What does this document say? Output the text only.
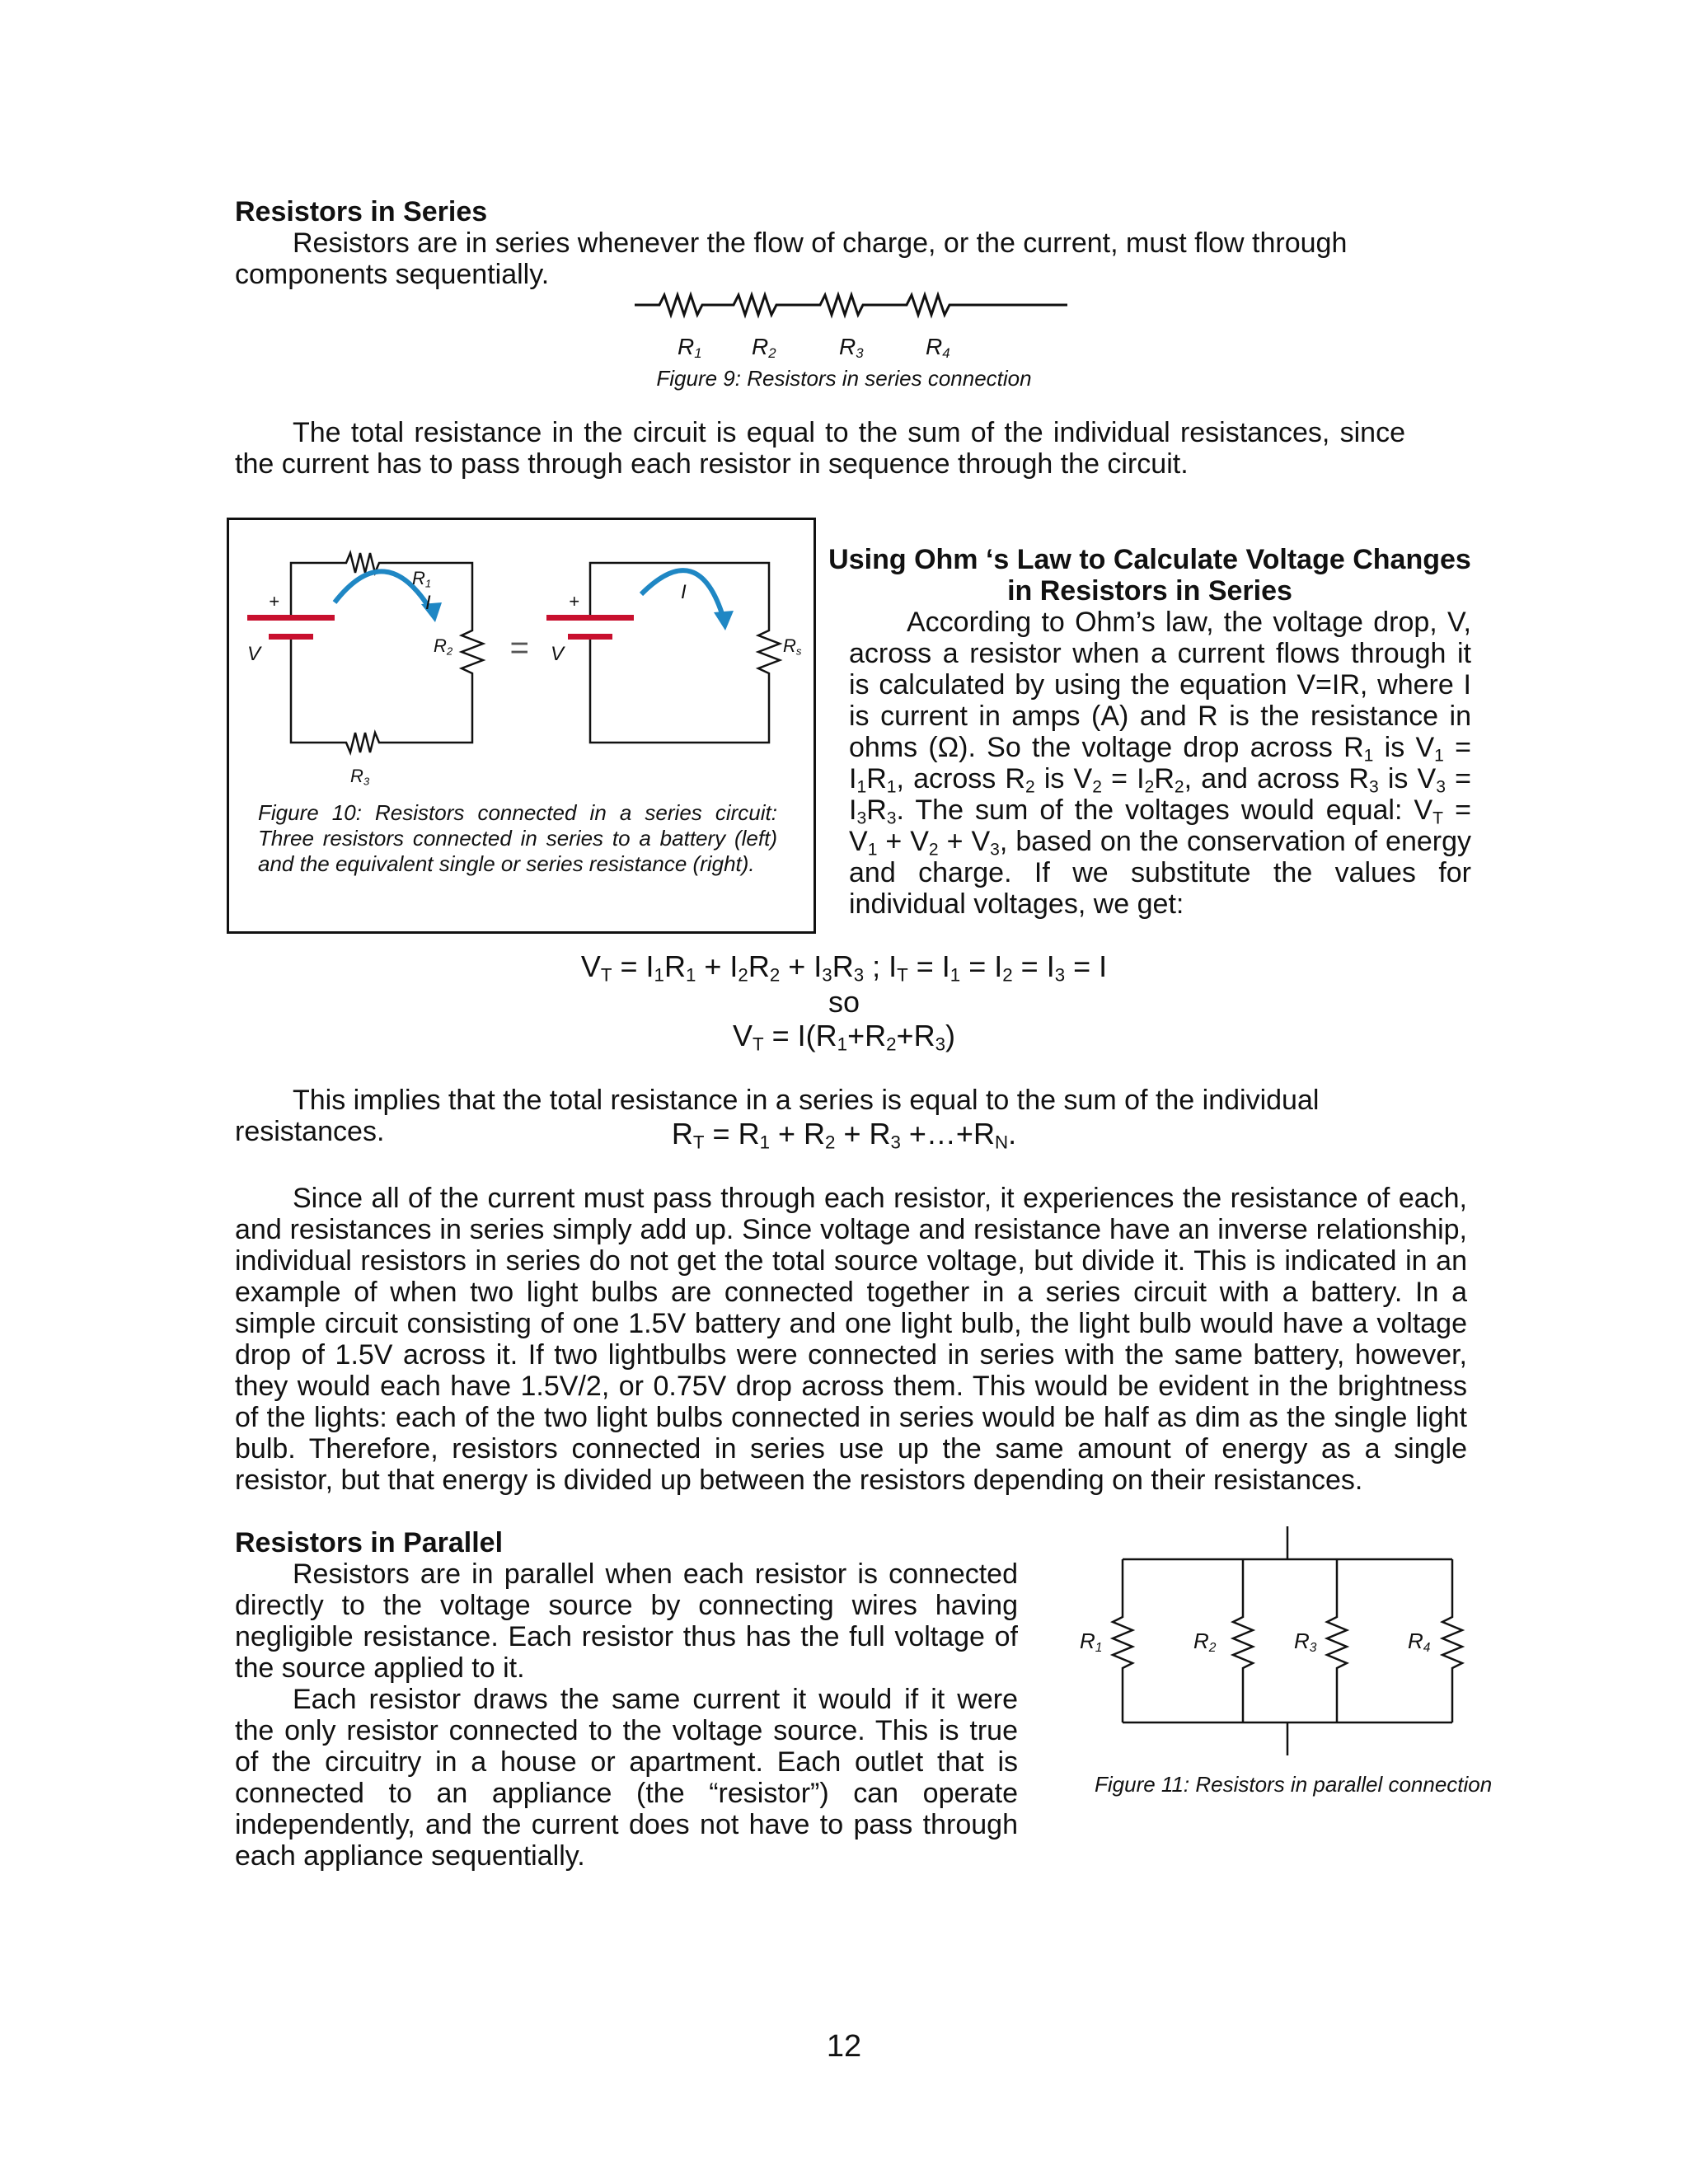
Resistors in Series

Resistors are in series whenever the flow of charge, or the current, must flow through components sequentially.

R1 R2	R3	R4

Figure 9: Resistors in series connection

The total resistance in the circuit is equal to the sum of the individual resistances, since the current has to pass through each resistor in sequence through the circuit.

+
V
R1
I
R2
R3
=
+
V
I
Rs

Figure 10: Resistors connected in a series circuit: Three resistors connected in series to a battery (left) and the equivalent single or series resistance (right).

Using Ohm ‘s Law to Calculate Voltage Changes in Resistors in Series

According to Ohm’s law, the voltage drop, V, across a resistor when a current flows through it is calculated by using the equation V=IR, where I is current in amps (A) and R is the resistance in ohms (Ω). So the voltage drop across $R_1$ is $V_1 = I_1R_1$, across $R_2$ is $V_2 = I_2R_2$, and across $R_3$ is $V_3 = I_3R_3$. The sum of the voltages would equal: $V_T = V_1 + V_2 + V_3$, based on the conservation of energy and charge. If we substitute the values for individual voltages, we get:

$V_T = I_1R_1 + I_2R_2 + I_3R_3$ ; $I_T = I_1 = I_2 = I_3 = I$

so

$V_T = I(R_1+R_2+R_3)$

This implies that the total resistance in a series is equal to the sum of the individual resistances.	$R_T = R_1 + R_2 + R_3$ $+\dots+R_N$.

Since all of the current must pass through each resistor, it experiences the resistance of each, and resistances in series simply add up. Since voltage and resistance have an inverse relationship, individual resistors in series do not get the total source voltage, but divide it. This is indicated in an example of when two light bulbs are connected together in a series circuit with a battery. In a simple circuit consisting of one 1.5V battery and one light bulb, the light bulb would have a voltage drop of 1.5V across it. If two lightbulbs were connected in series with the same battery, however, they would each have 1.5V/2, or 0.75V drop across them. This would be evident in the brightness of the lights: each of the two light bulbs connected in series would be half as dim as the single light bulb. Therefore, resistors connected in series use up the same amount of energy as a single resistor, but that energy is divided up between the resistors depending on their resistances.

Resistors in Parallel

Resistors are in parallel when each resistor is connected directly to the voltage source by connecting wires having negligible resistance. Each resistor thus has the full voltage of the source applied to it.

Each resistor draws the same current it would if it were the only resistor connected to the voltage source. This is true of the circuitry in a house or apartment. Each outlet that is connected to an appliance (the “resistor”) can operate independently, and the current does not have to pass through each appliance sequentially.

R1	R2	R3	R4

Figure 11: Resistors in parallel connection

12
